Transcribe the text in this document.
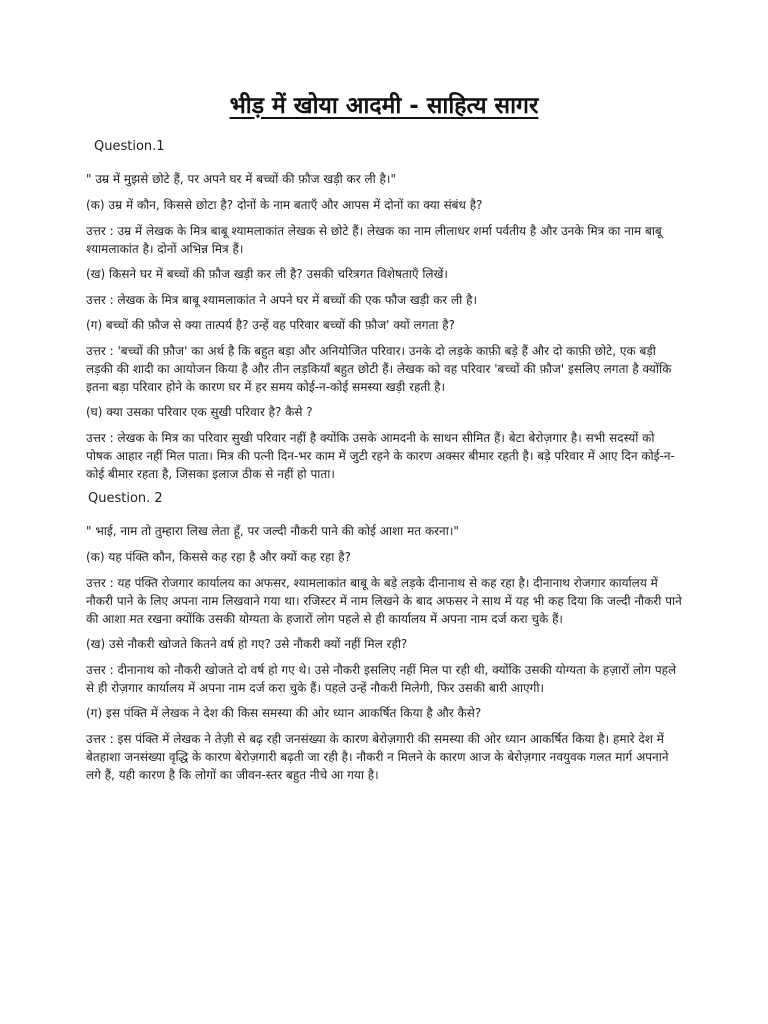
भीड़ में खोया आदमी - साहित्य सागर
Question.1

" उम्र में मुझसे छोटे हैं, पर अपने घर में बच्चों की फ़ौज खड़ी कर ली है।"

(क) उम्र में कौन, किससे छोटा है? दोनों के नाम बताएँ और आपस में दोनों का क्या संबंध है?

उत्तर : उम्र में लेखक के मित्र बाबू श्यामलाकांत लेखक से छोटे हैं। लेखक का नाम लीलाधर शर्मा पर्वतीय है और उनके मित्र का नाम बाबू श्यामलाकांत है। दोनों अभिन्न मित्र हैं।

(ख) किसने घर में बच्चों की फ़ौज खड़ी कर ली है? उसकी चरित्रगत विशेषताएँ लिखें।

उत्तर : लेखक के मित्र बाबू श्यामलाकांत ने अपने घर में बच्चों की एक फौज खड़ी कर ली है।

(ग) बच्चों की फ़ौज से क्या तात्पर्य है? उन्हें वह परिवार बच्चों की फ़ौज' क्यों लगता है?

उत्तर : 'बच्चों की फ़ौज' का अर्थ है कि बहुत बड़ा और अनियोजित परिवार। उनके दो लड़के काफ़ी बड़े हैं और दो काफ़ी छोटे, एक बड़ी लड़की की शादी का आयोजन किया है और तीन लड़कियाँ बहुत छोटी हैं। लेखक को वह परिवार 'बच्चों की फ़ौज' इसलिए लगता है क्योंकि इतना बड़ा परिवार होने के कारण घर में हर समय कोई-न-कोई समस्या खड़ी रहती है।

(घ) क्या उसका परिवार एक सुखी परिवार है? कैसे ?

उत्तर : लेखक के मित्र का परिवार सुखी परिवार नहीं है क्योंकि उसके आमदनी के साधन सीमित हैं। बेटा बेरोज़गार है। सभी सदस्यों को पोषक आहार नहीं मिल पाता। मित्र की पत्नी दिन-भर काम में जुटी रहने के कारण अक्सर बीमार रहती है। बड़े परिवार में आए दिन कोई-न-कोई बीमार रहता है, जिसका इलाज ठीक से नहीं हो पाता।

Question. 2

" भाई, नाम तो तुम्हारा लिख लेता हूँ, पर जल्दी नौकरी पाने की कोई आशा मत करना।"

(क) यह पंक्ति कौन, किससे कह रहा है और क्यों कह रहा है?

उत्तर : यह पंक्ति रोजगार कार्यालय का अफसर, श्यामलाकांत बाबू के बड़े लड़के दीनानाथ से कह रहा है। दीनानाथ रोजगार कार्यालय में नौकरी पाने के लिए अपना नाम लिखवाने गया था। रजिस्टर में नाम लिखने के बाद अफसर ने साथ में यह भी कह दिया कि जल्दी नौकरी पाने की आशा मत रखना क्योंकि उसकी योग्यता के हजारों लोग पहले से ही कार्यालय में अपना नाम दर्ज करा चुके हैं।

(ख) उसे नौकरी खोजते कितने वर्ष हो गए? उसे नौकरी क्यों नहीं मिल रही?

उत्तर : दीनानाथ को नौकरी खोजते दो वर्ष हो गए थे। उसे नौकरी इसलिए नहीं मिल पा रही थी, क्योंकि उसकी योग्यता के हज़ारों लोग पहले से ही रोज़गार कार्यालय में अपना नाम दर्ज करा चुके हैं। पहले उन्हें नौकरी मिलेगी, फिर उसकी बारी आएगी।

(ग) इस पंक्ति में लेखक ने देश की किस समस्या की ओर ध्यान आकर्षित किया है और कैसे?

उत्तर : इस पंक्ति में लेखक ने तेज़ी से बढ़ रही जनसंख्या के कारण बेरोज़गारी की समस्या की ओर ध्यान आकर्षित किया है। हमारे देश में बेतहाशा जनसंख्या वृद्धि के कारण बेरोज़गारी बढ़ती जा रही है। नौकरी न मिलने के कारण आज के बेरोज़गार नवयुवक गलत मार्ग अपनाने लगे हैं, यही कारण है कि लोगों का जीवन-स्तर बहुत नीचे आ गया है।
